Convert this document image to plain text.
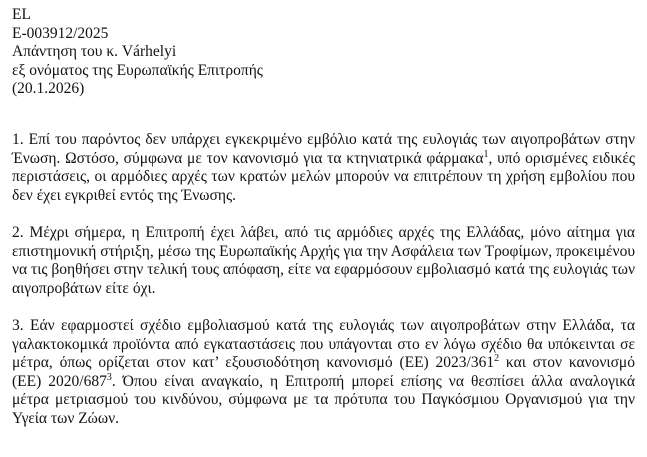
EL
E-003912/2025
Απάντηση του κ. Várhelyi
εξ ονόματος της Ευρωπαϊκής Επιτροπής
(20.1.2026)

1. Επί του παρόντος δεν υπάρχει εγκεκριμένο εμβόλιο κατά της ευλογιάς των αιγοπροβάτων στην Ένωση. Ωστόσο, σύμφωνα με τον κανονισμό για τα κτηνιατρικά φάρμακα$^1$, υπό ορισμένες ειδικές περιστάσεις, οι αρμόδιες αρχές των κρατών μελών μπορούν να επιτρέπουν τη χρήση εμβολίου που δεν έχει εγκριθεί εντός της Ένωσης.

2. Μέχρι σήμερα, η Επιτροπή έχει λάβει, από τις αρμόδιες αρχές της Ελλάδας, μόνο αίτημα για επιστημονική στήριξη, μέσω της Ευρωπαϊκής Αρχής για την Ασφάλεια των Τροφίμων, προκειμένου να τις βοηθήσει στην τελική τους απόφαση, είτε να εφαρμόσουν εμβολιασμό κατά της ευλογιάς των αιγοπροβάτων είτε όχι.

3. Εάν εφαρμοστεί σχέδιο εμβολιασμού κατά της ευλογιάς των αιγοπροβάτων στην Ελλάδα, τα γαλακτοκομικά προϊόντα από εγκαταστάσεις που υπάγονται στο εν λόγω σχέδιο θα υπόκεινται σε μέτρα, όπως ορίζεται στον κατ’ εξουσιοδότηση κανονισμό (ΕΕ) $2023/361^2$ και στον κανονισμό (ΕΕ) $2020/687^3$. Όπου είναι αναγκαίο, η Επιτροπή μπορεί επίσης να θεσπίσει άλλα αναλογικά μέτρα μετριασμού του κινδύνου, σύμφωνα με τα πρότυπα του Παγκόσμιου Οργανισμού για την Υγεία των Ζώων.
